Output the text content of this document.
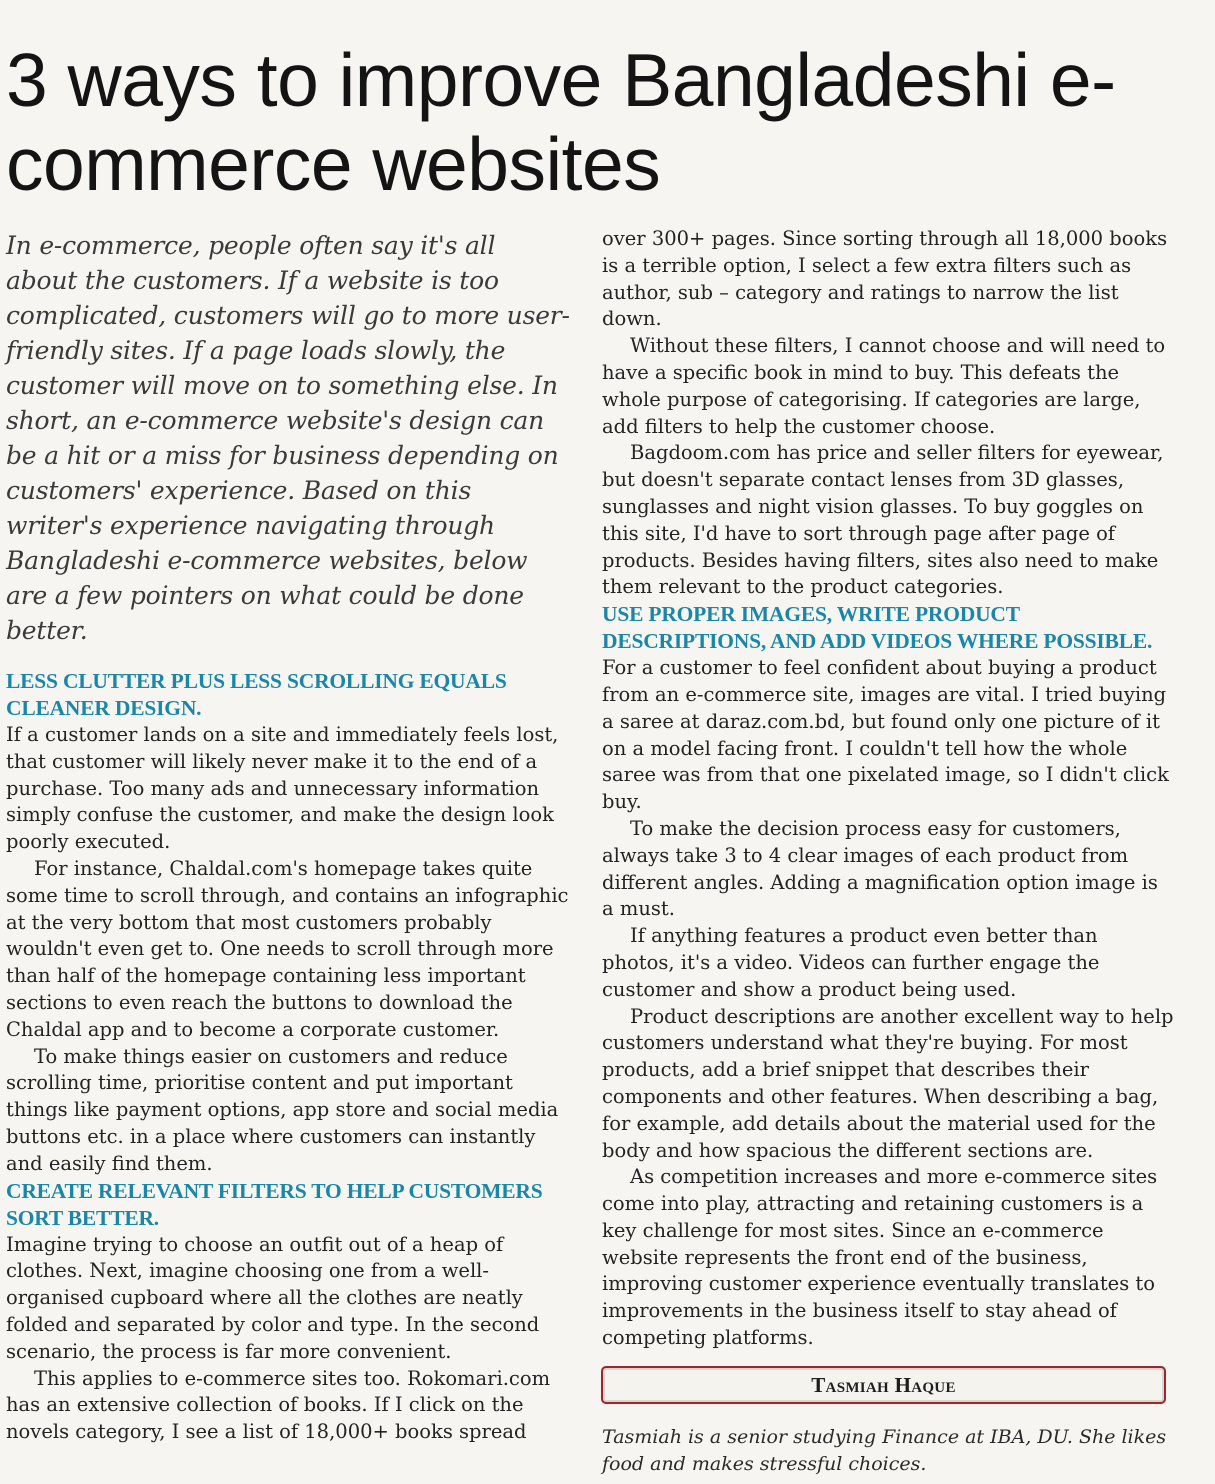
3 ways to improve Bangladeshi e-commerce websites

In e-commerce, people often say it's all about the customers. If a website is too complicated, customers will go to more user-friendly sites. If a page loads slowly, the customer will move on to something else. In short, an e-commerce website's design can be a hit or a miss for business depending on customers' experience. Based on this writer's experience navigating through Bangladeshi e-commerce websites, below are a few pointers on what could be done better.

LESS CLUTTER PLUS LESS SCROLLING EQUALS CLEANER DESIGN.

If a customer lands on a site and immediately feels lost, that customer will likely never make it to the end of a purchase. Too many ads and unnecessary information simply confuse the customer, and make the design look poorly executed.

For instance, Chaldal.com's homepage takes quite some time to scroll through, and contains an infographic at the very bottom that most customers probably wouldn't even get to. One needs to scroll through more than half of the homepage containing less important sections to even reach the buttons to download the Chaldal app and to become a corporate customer.

To make things easier on customers and reduce scrolling time, prioritise content and put important things like payment options, app store and social media buttons etc. in a place where customers can instantly and easily find them.

CREATE RELEVANT FILTERS TO HELP CUSTOMERS SORT BETTER.

Imagine trying to choose an outfit out of a heap of clothes. Next, imagine choosing one from a well-organised cupboard where all the clothes are neatly folded and separated by color and type. In the second scenario, the process is far more convenient.

This applies to e-commerce sites too. Rokomari.com has an extensive collection of books. If I click on the novels category, I see a list of 18,000+ books spread

over 300+ pages. Since sorting through all 18,000 books is a terrible option, I select a few extra filters such as author, sub – category and ratings to narrow the list down.

Without these filters, I cannot choose and will need to have a specific book in mind to buy. This defeats the whole purpose of categorising. If categories are large, add filters to help the customer choose.

Bagdoom.com has price and seller filters for eyewear, but doesn't separate contact lenses from 3D glasses, sunglasses and night vision glasses. To buy goggles on this site, I'd have to sort through page after page of products. Besides having filters, sites also need to make them relevant to the product categories.

USE PROPER IMAGES, WRITE PRODUCT DESCRIPTIONS, AND ADD VIDEOS WHERE POSSIBLE.

For a customer to feel confident about buying a product from an e-commerce site, images are vital. I tried buying a saree at daraz.com.bd, but found only one picture of it on a model facing front. I couldn't tell how the whole saree was from that one pixelated image, so I didn't click buy.

To make the decision process easy for customers, always take 3 to 4 clear images of each product from different angles. Adding a magnification option image is a must.

If anything features a product even better than photos, it's a video. Videos can further engage the customer and show a product being used.

Product descriptions are another excellent way to help customers understand what they're buying. For most products, add a brief snippet that describes their components and other features. When describing a bag, for example, add details about the material used for the body and how spacious the different sections are.

As competition increases and more e-commerce sites come into play, attracting and retaining customers is a key challenge for most sites. Since an e-commerce website represents the front end of the business, improving customer experience eventually translates to improvements in the business itself to stay ahead of competing platforms.

Tasmiah Haque

Tasmiah is a senior studying Finance at IBA, DU. She likes food and makes stressful choices.
